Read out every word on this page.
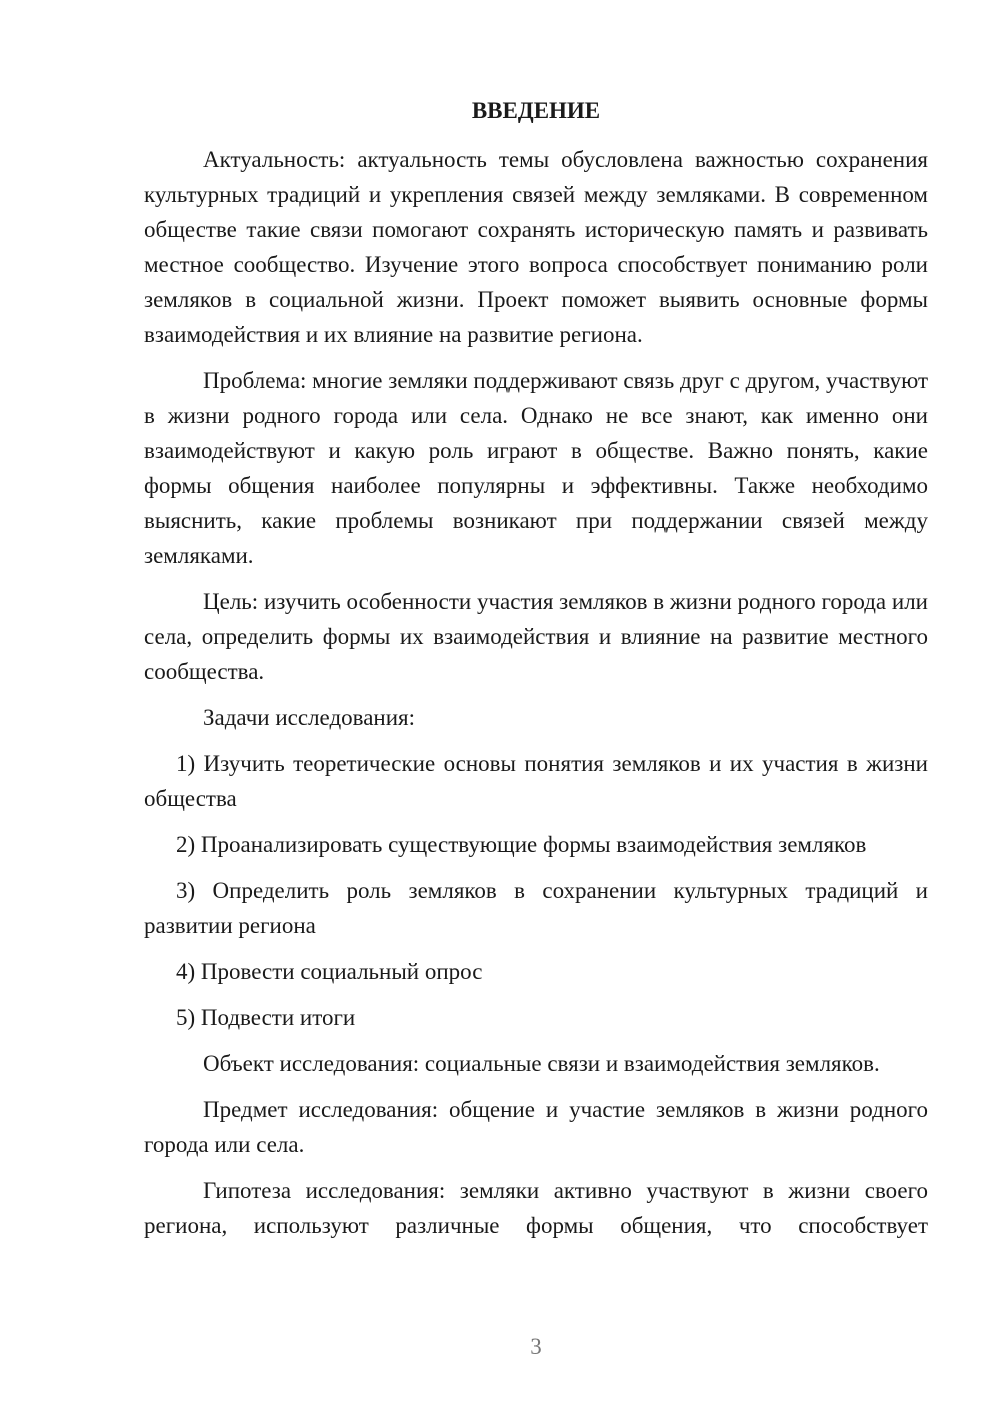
ВВЕДЕНИЕ

Актуальность: актуальность темы обусловлена важностью сохранения культурных традиций и укрепления связей между земляками. В современном обществе такие связи помогают сохранять историческую память и развивать местное сообщество. Изучение этого вопроса способствует пониманию роли земляков в социальной жизни. Проект поможет выявить основные формы взаимодействия и их влияние на развитие региона.

Проблема: многие земляки поддерживают связь друг с другом, участвуют в жизни родного города или села. Однако не все знают, как именно они взаимодействуют и какую роль играют в обществе. Важно понять, какие формы общения наиболее популярны и эффективны. Также необходимо выяснить, какие проблемы возникают при поддержании связей между земляками.

Цель: изучить особенности участия земляков в жизни родного города или села, определить формы их взаимодействия и влияние на развитие местного сообщества.

Задачи исследования:

1) Изучить теоретические основы понятия земляков и их участия в жизни общества

2) Проанализировать существующие формы взаимодействия земляков

3) Определить роль земляков в сохранении культурных традиций и развитии региона

4) Провести социальный опрос

5) Подвести итоги

Объект исследования: социальные связи и взаимодействия земляков.

Предмет исследования: общение и участие земляков в жизни родного города или села.

Гипотеза исследования: земляки активно участвуют в жизни своего региона, используют различные формы общения, что способствует

3
